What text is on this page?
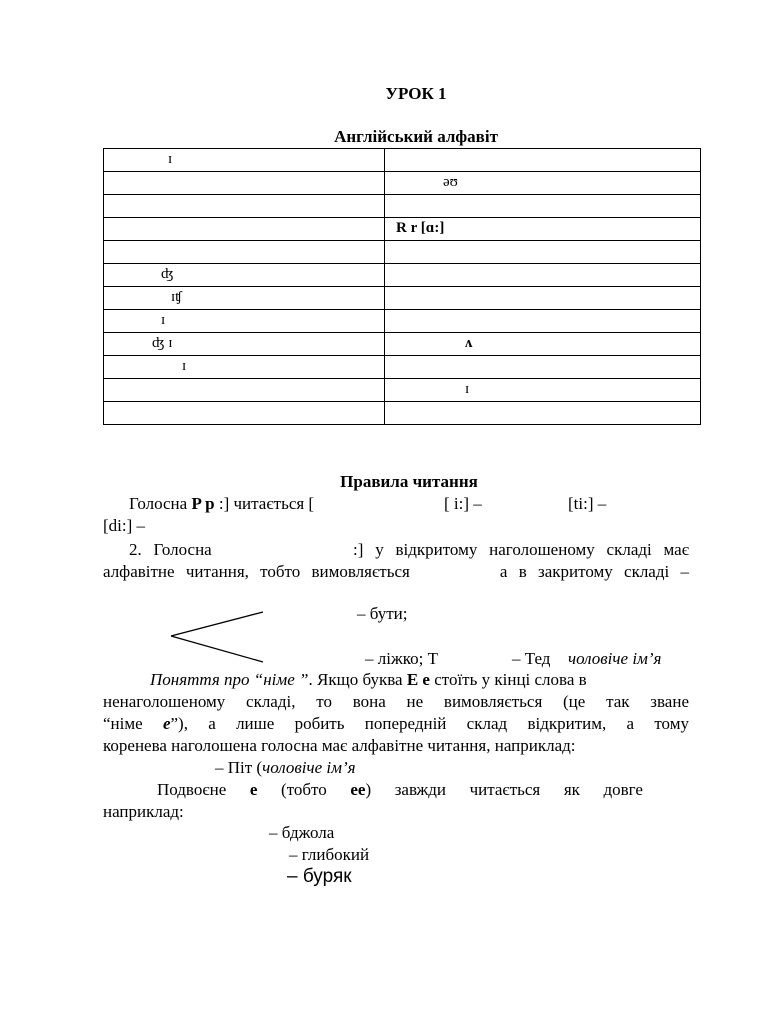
УРОК 1
Англійський алфавіт
ɪ	

	əʊ

	R r [ɑ:]

ʤ	

ɪʧ	

ɪ	

ʤ ɪ	ʌ

ɪ	

	ɪ

Правила читання
Голосна P p :] читається [	[ i:] –	[ti:] –
[di:] –
2. Голосна            :] у відкритому наголошеному складі має
алфавітне читання, тобто вимовляється        а в закритому складі –
– бути;
– ліжко; T	– Тед чоловіче ім’я
Поняття про “німе ”. Якщо буква E e стоїть у кінці слова в
ненаголошеному складі, то вона не вимовляється (це так зване
“німе e”), а лише робить попередній склад відкритим, а тому
коренева наголошена голосна має алфавітне читання, наприклад:
– Піт (чоловіче ім’я
Подвоєне e (тобто ee) завжди читається як довге
наприклад:
– бджола
– глибокий
– буряк
